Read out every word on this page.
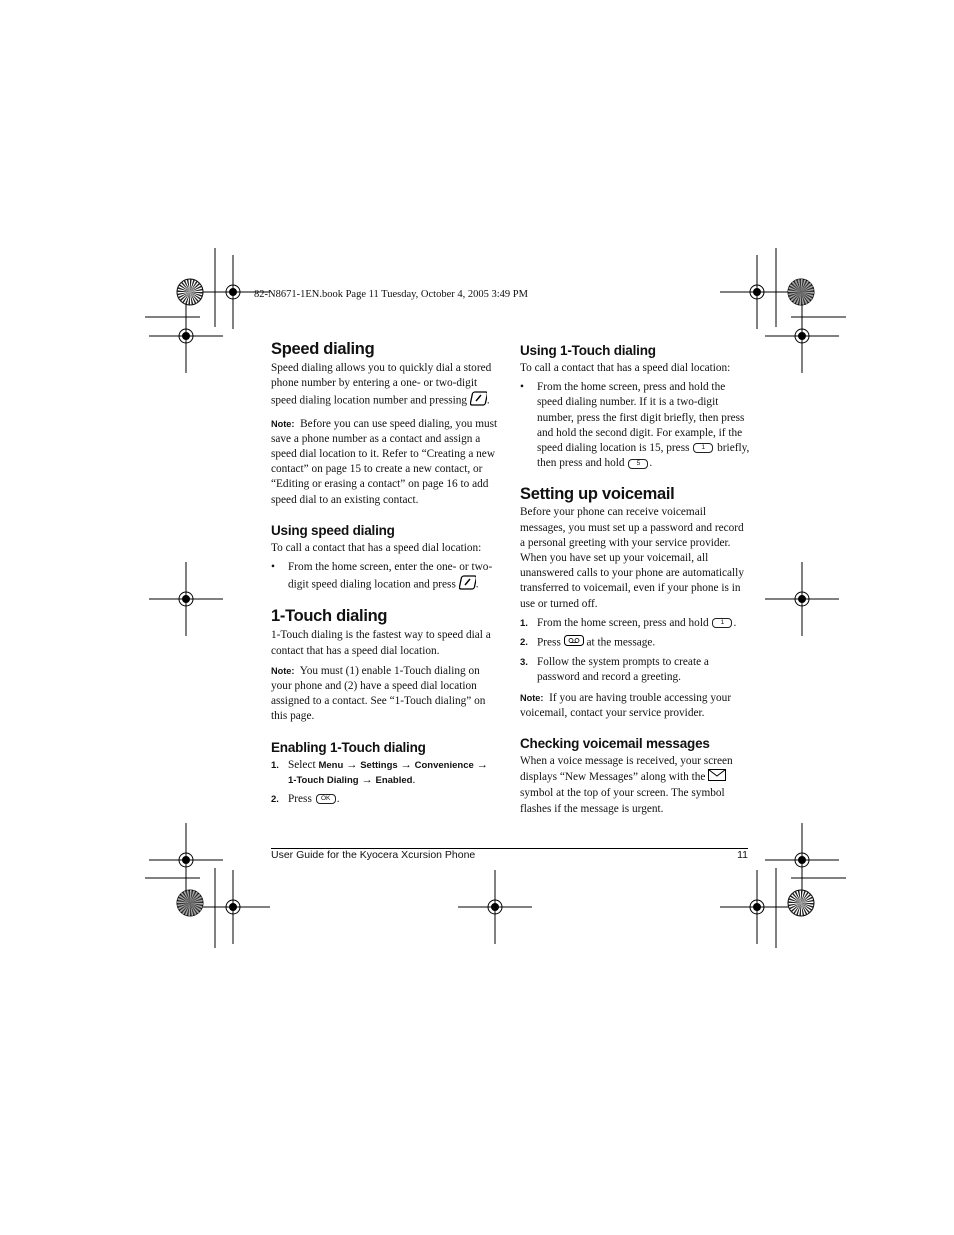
82-N8671-1EN.book Page 11 Tuesday, October 4, 2005 3:49 PM
Speed dialing

Speed dialing allows you to quickly dial a stored phone number by entering a one- or two-digit speed dialing location number and pressing .

Note: Before you can use speed dialing, you must save a phone number as a contact and assign a speed dial location to it. Refer to “Creating a new contact” on page 15 to create a new contact, or “Editing or erasing a contact” on page 16 to add speed dial to an existing contact.

Using speed dialing

To call a contact that has a speed dial location:

• From the home screen, enter the one- or two-digit speed dialing location and press .
1-Touch dialing

1-Touch dialing is the fastest way to speed dial a contact that has a speed dial location.

Note: You must (1) enable 1-Touch dialing on your phone and (2) have a speed dial location assigned to a contact. See “1-Touch dialing” on this page.

Enabling 1-Touch dialing
1. Select Menu → Settings → Convenience → 1-Touch Dialing → Enabled.
2. Press OK .
Using 1-Touch dialing

To call a contact that has a speed dial location:

• From the home screen, press and hold the speed dialing number. If it is a two-digit number, press the first digit briefly, then press and hold the second digit. For example, if the speed dialing location is 15, press 1 briefly, then press and hold 5 .
Setting up voicemail

Before your phone can receive voicemail messages, you must set up a password and record a personal greeting with your service provider. When you have set up your voicemail, all unanswered calls to your phone are automatically transferred to voicemail, even if your phone is in use or turned off.

1. From the home screen, press and hold 1 .
2. Press at the message.
3. Follow the system prompts to create a password and record a greeting.

Note: If you are having trouble accessing your voicemail, contact your service provider.

Checking voicemail messages

When a voice message is received, your screen displays “New Messages” along with the  symbol at the top of your screen. The symbol flashes if the message is urgent.

User Guide for the Kyocera Xcursion Phone	11
